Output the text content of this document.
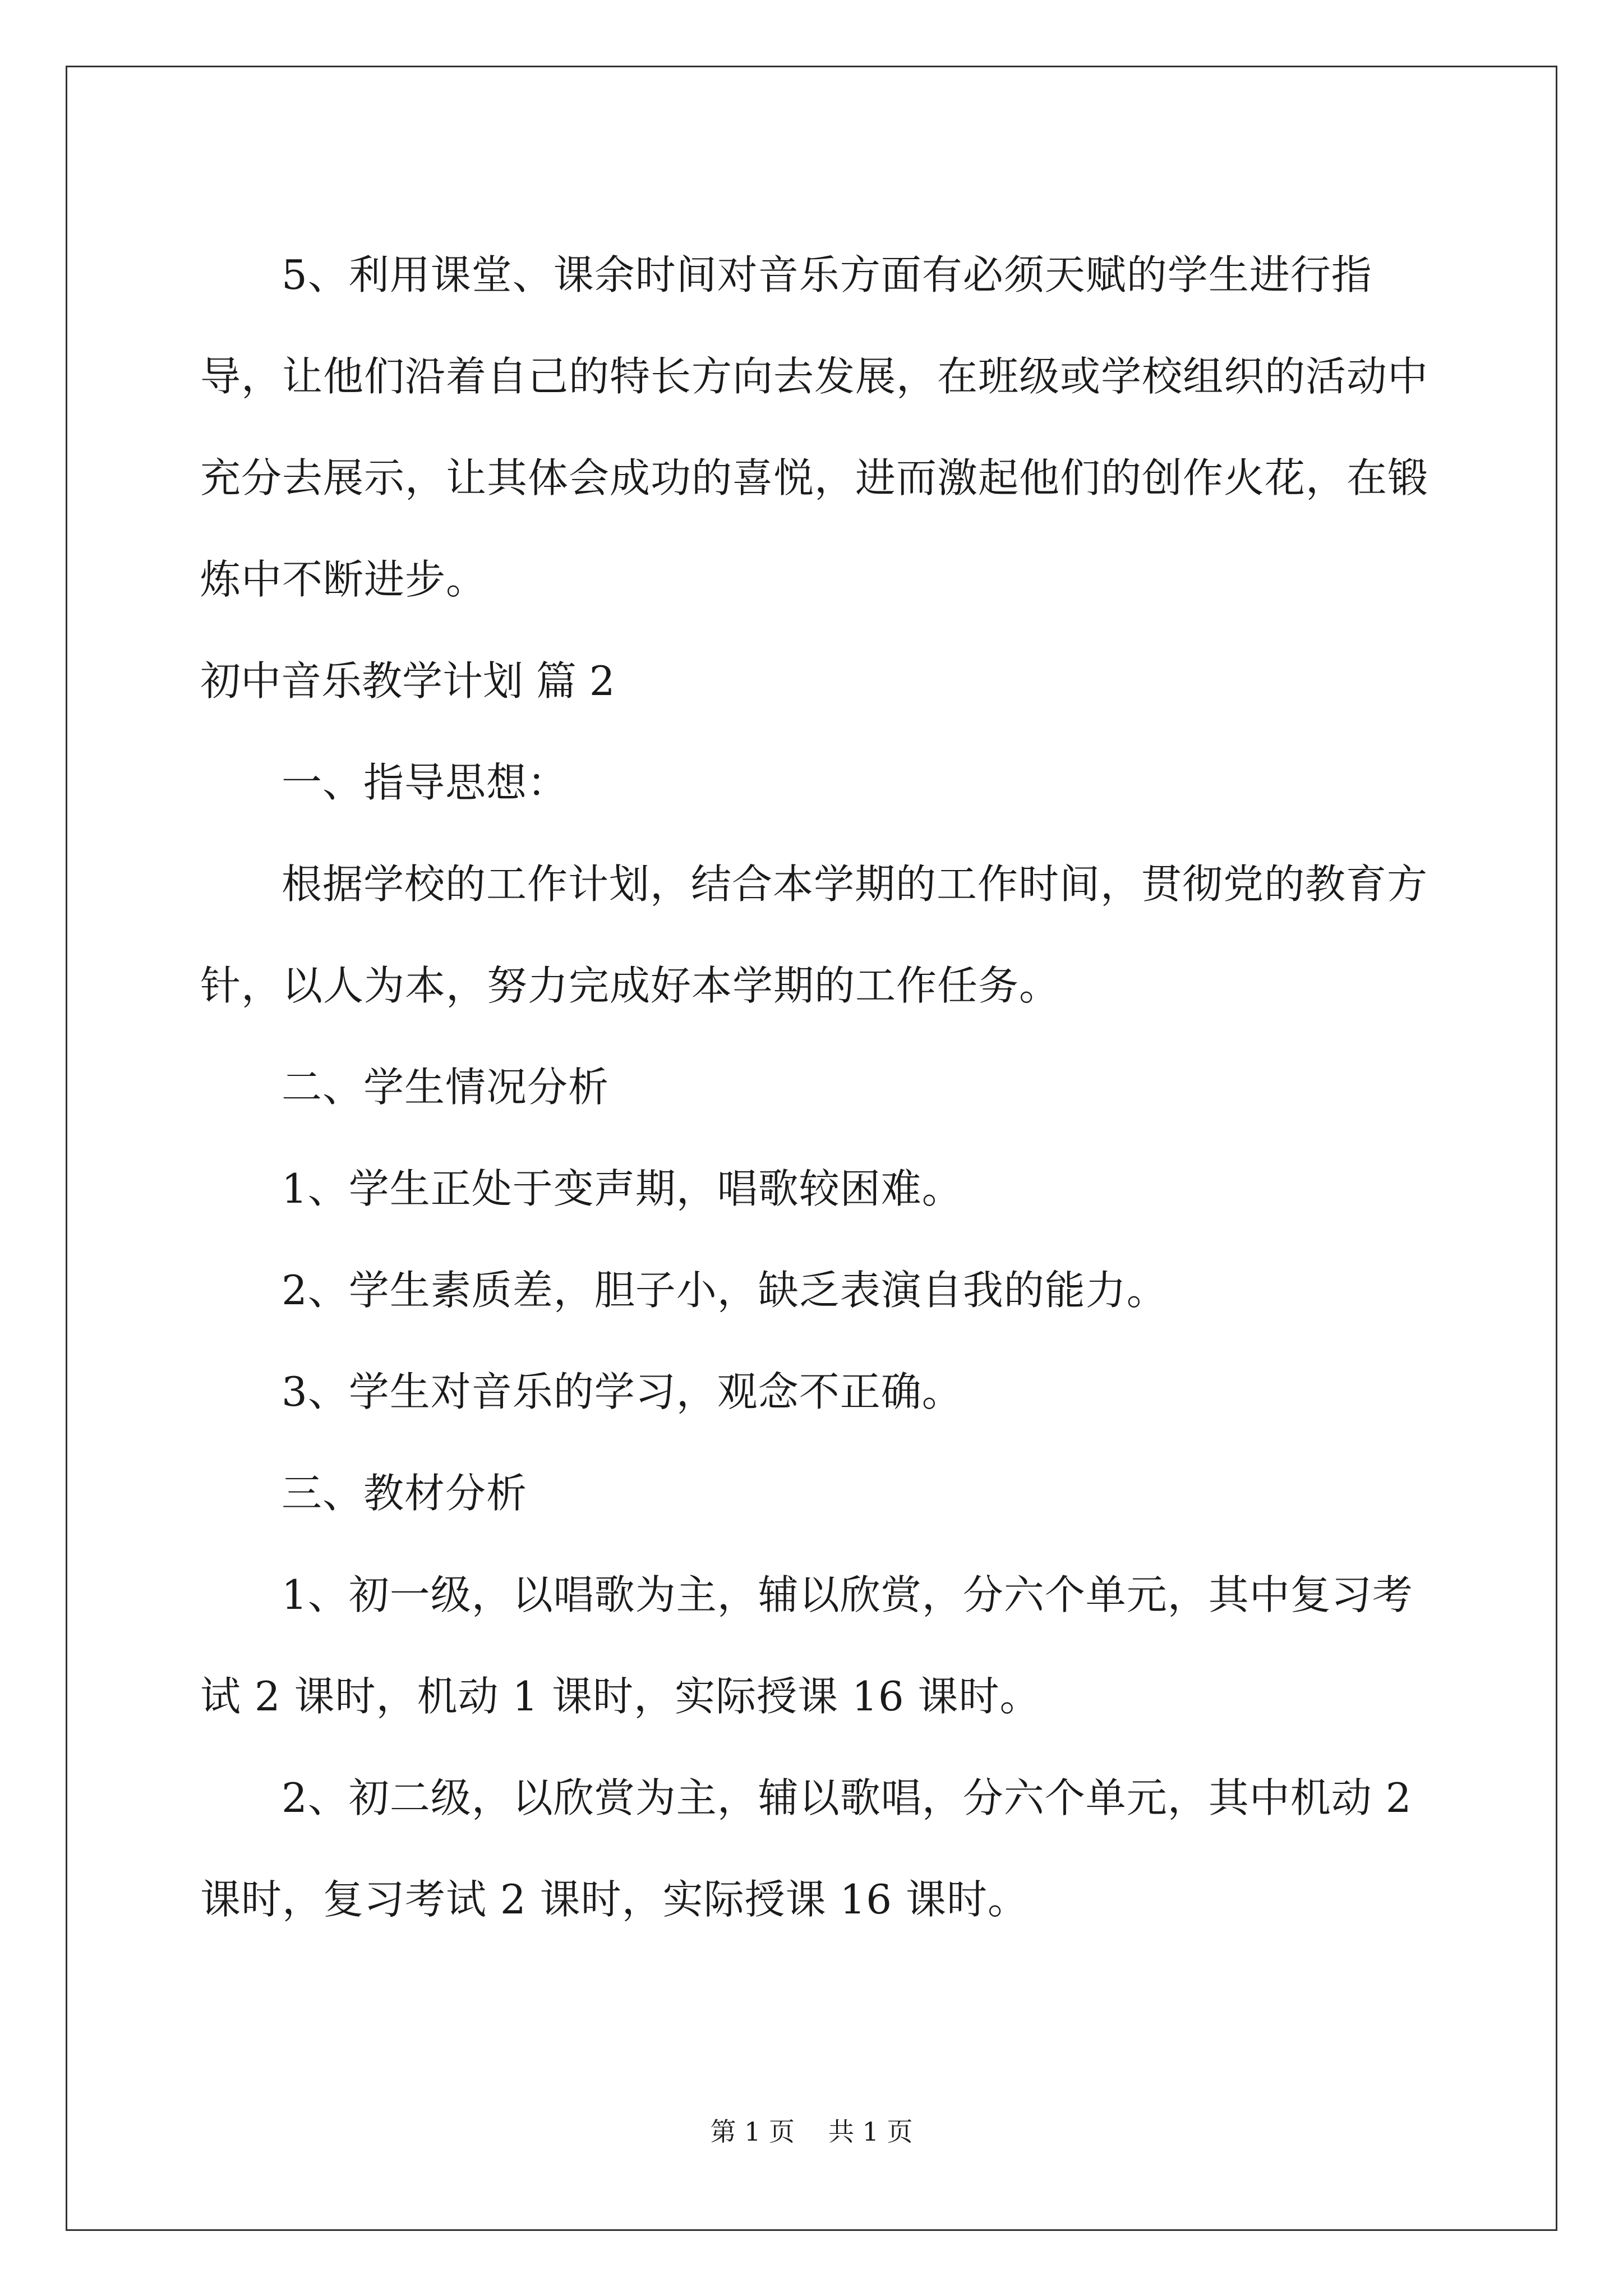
5、利用课堂、课余时间对音乐方面有必须天赋的学生进行指导，让他们沿着自己的特长方向去发展，在班级或学校组织的活动中充分去展示，让其体会成功的喜悦，进而激起他们的创作火花，在锻炼中不断进步。

初中音乐教学计划 篇 2

一、指导思想：

根据学校的工作计划，结合本学期的工作时间，贯彻党的教育方针，以人为本，努力完成好本学期的工作任务。

二、学生情况分析

1、学生正处于变声期，唱歌较困难。

2、学生素质差，胆子小，缺乏表演自我的能力。

3、学生对音乐的学习，观念不正确。

三、教材分析

1、初一级，以唱歌为主，辅以欣赏，分六个单元，其中复习考试 2 课时，机动 1 课时，实际授课 16 课时。

2、初二级，以欣赏为主，辅以歌唱，分六个单元，其中机动 2 课时，复习考试 2 课时，实际授课 16 课时。

第 1 页 共 1 页
